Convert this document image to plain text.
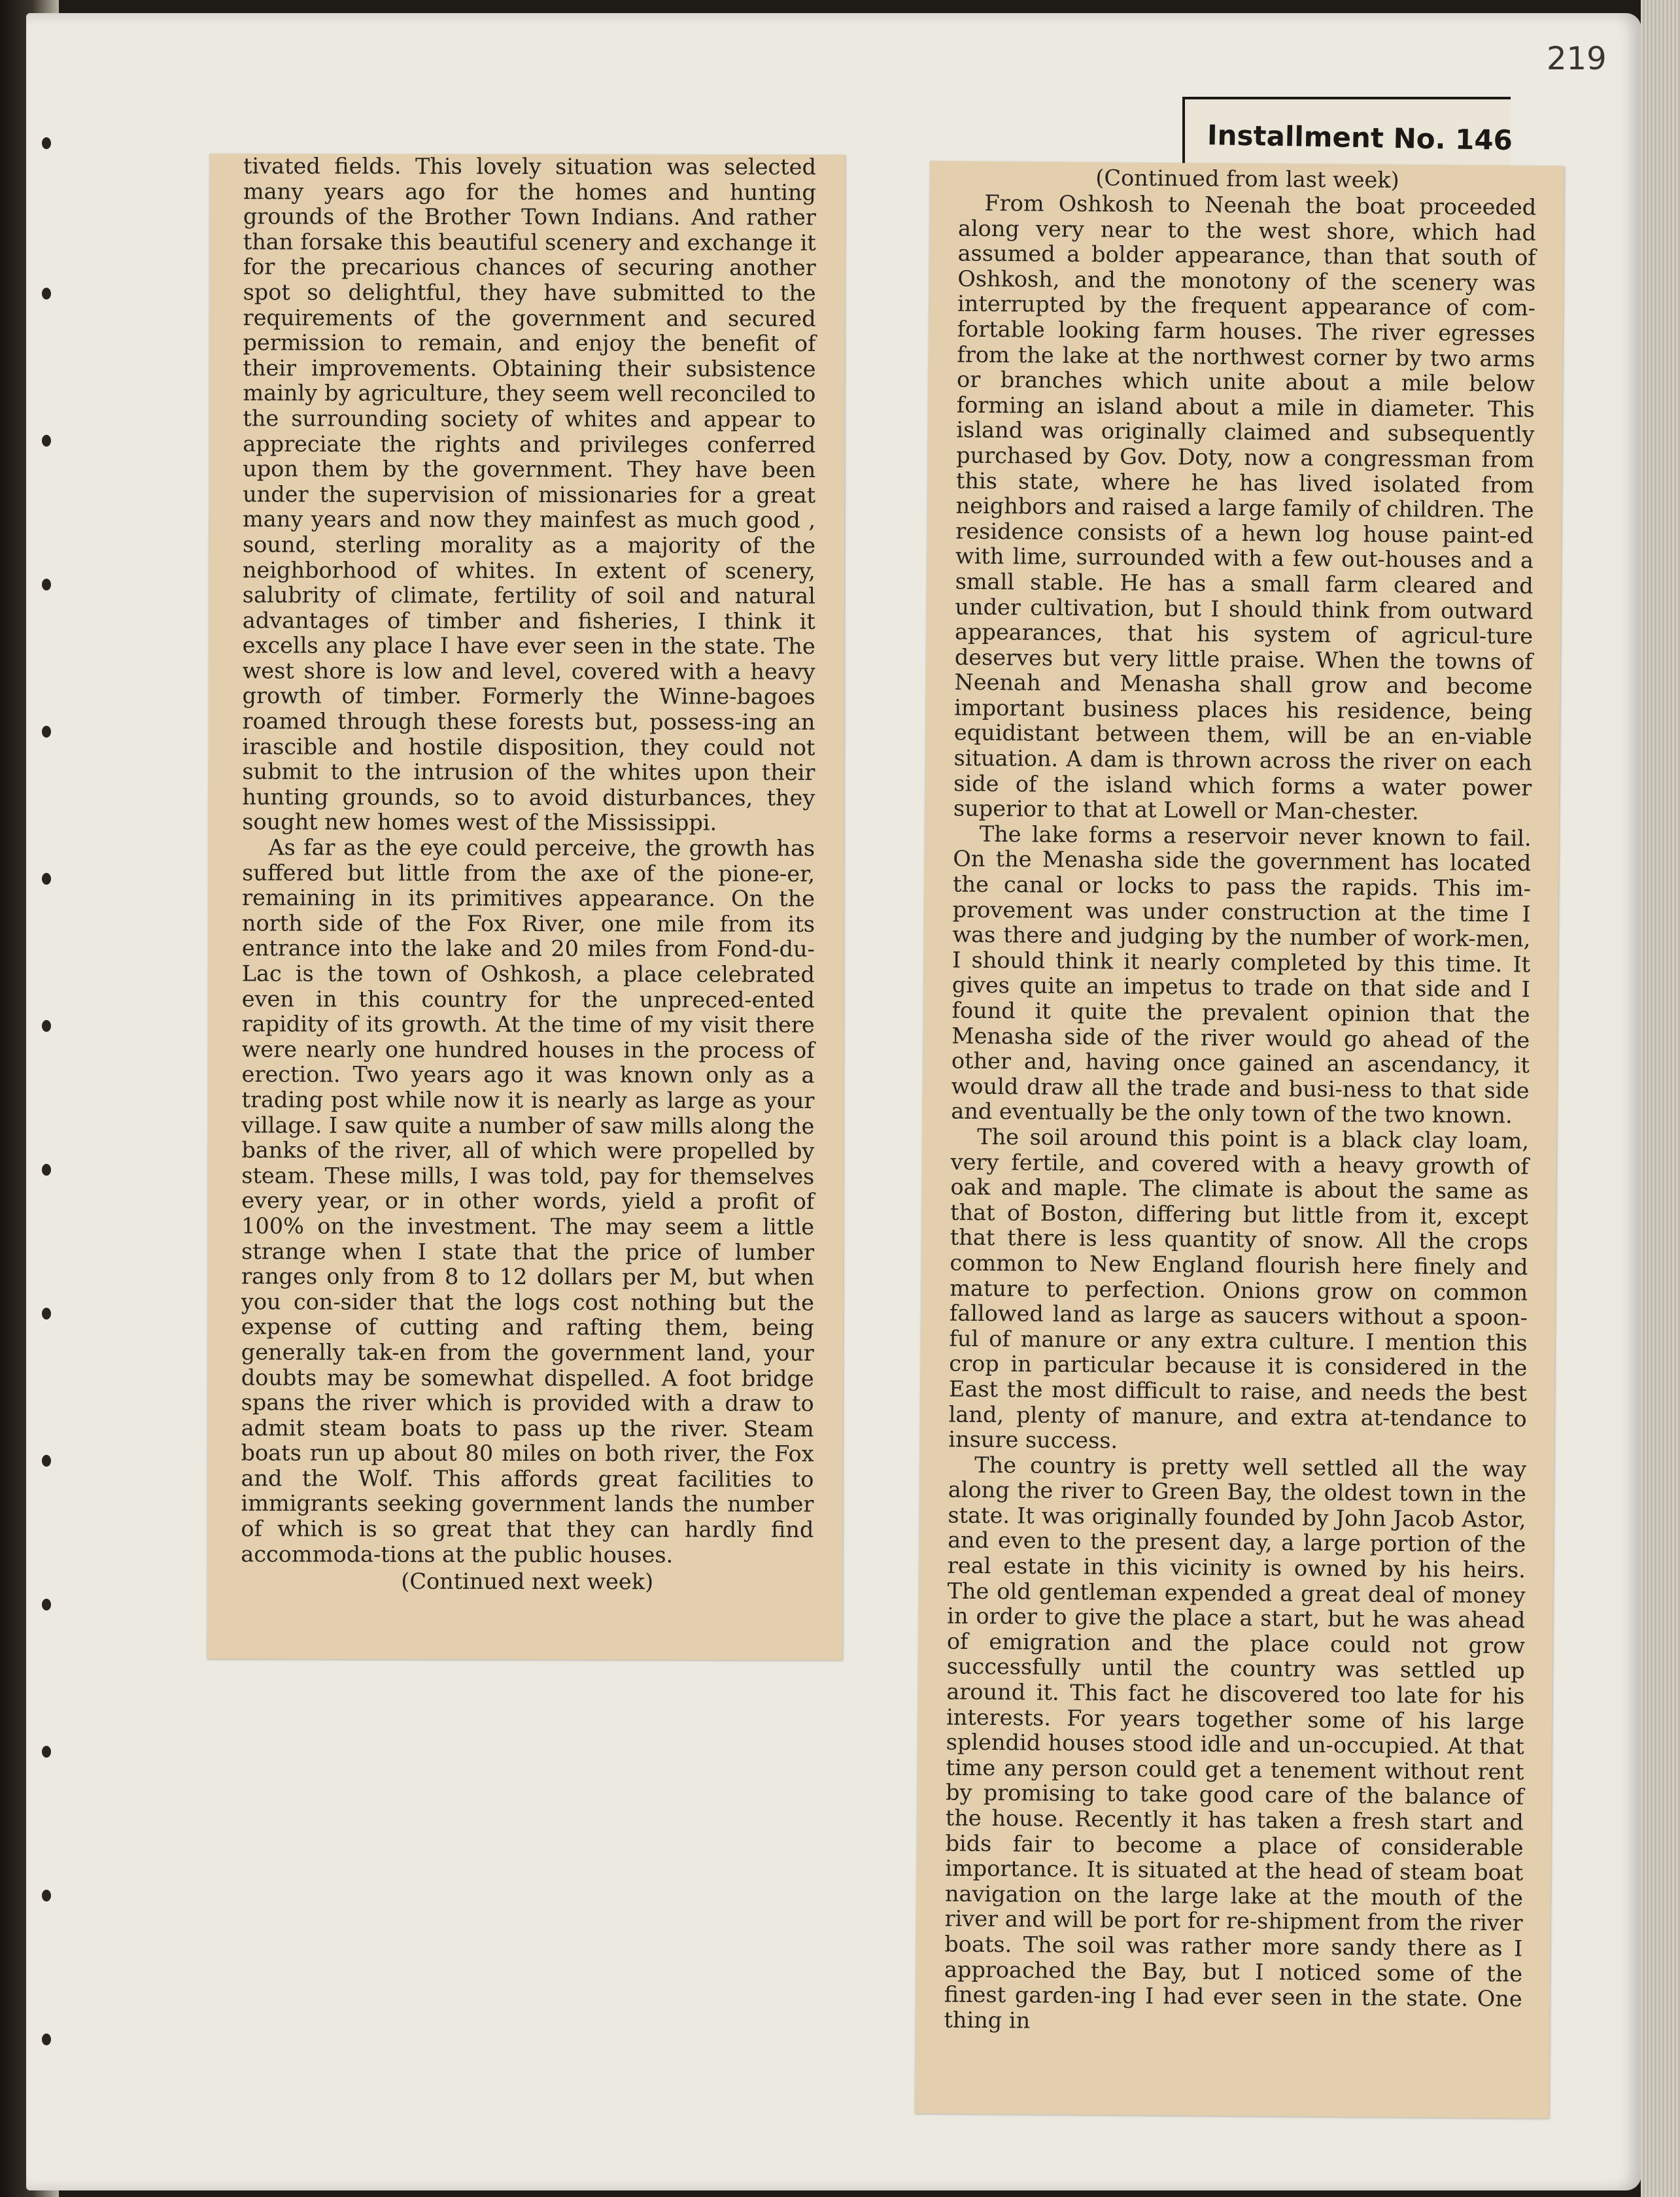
219

tivated fields. This lovely situation was selected many years ago for the homes and hunting grounds of the Brother Town Indians. And rather than forsake this beautiful scenery and exchange it for the precarious chances of securing another spot so delightful, they have submitted to the requirements of the government and secured permission to remain, and enjoy the benefit of their improvements. Obtaining their subsistence mainly by agriculture, they seem well reconciled to the surrounding society of whites and appear to appreciate the rights and privileges conferred upon them by the government. They have been under the supervision of missionaries for a great many years and now they mainfest as much good , sound, sterling morality as a majority of the neighborhood of whites. In extent of scenery, salubrity of climate, fertility of soil and natural advantages of timber and fisheries, I think it excells any place I have ever seen in the state. The west shore is low and level, covered with a heavy growth of timber. Formerly the Winne-bagoes roamed through these forests but, possess-ing an irascible and hostile disposition, they could not submit to the intrusion of the whites upon their hunting grounds, so to avoid disturbances, they sought new homes west of the Mississippi.

As far as the eye could perceive, the growth has suffered but little from the axe of the pione-er, remaining in its primitives appearance. On the north side of the Fox River, one mile from its entrance into the lake and 20 miles from Fond-du-Lac is the town of Oshkosh, a place celebrated even in this country for the unpreced-ented rapidity of its growth. At the time of my visit there were nearly one hundred houses in the process of erection. Two years ago it was known only as a trading post while now it is nearly as large as your village. I saw quite a number of saw mills along the banks of the river, all of which were propelled by steam. These mills, I was told, pay for themselves every year, or in other words, yield a profit of 100% on the investment. The may seem a little strange when I state that the price of lumber ranges only from 8 to 12 dollars per M, but when you con-sider that the logs cost nothing but the expense of cutting and rafting them, being generally tak-en from the government land, your doubts may be somewhat dispelled. A foot bridge spans the river which is provided with a draw to admit steam boats to pass up the river. Steam boats run up about 80 miles on both river, the Fox and the Wolf. This affords great facilities to immigrants seeking government lands the number of which is so great that they can hardly find accommoda-tions at the public houses.

(Continued next week)
Installment No. 146
(Continued from last week)

From Oshkosh to Neenah the boat proceeded along very near to the west shore, which had assumed a bolder appearance, than that south of Oshkosh, and the monotony of the scenery was interrupted by the frequent appearance of com-fortable looking farm houses. The river egresses from the lake at the northwest corner by two arms or branches which unite about a mile below forming an island about a mile in diameter. This island was originally claimed and subsequently purchased by Gov. Doty, now a congressman from this state, where he has lived isolated from neighbors and raised a large family of children. The residence consists of a hewn log house paint-ed with lime, surrounded with a few out-houses and a small stable. He has a small farm cleared and under cultivation, but I should think from outward appearances, that his system of agricul-ture deserves but very little praise. When the towns of Neenah and Menasha shall grow and become important business places his residence, being equidistant between them, will be an en-viable situation. A dam is thrown across the river on each side of the island which forms a water power superior to that at Lowell or Man-chester.

The lake forms a reservoir never known to fail. On the Menasha side the government has located the canal or locks to pass the rapids. This im-provement was under construction at the time I was there and judging by the number of work-men, I should think it nearly completed by this time. It gives quite an impetus to trade on that side and I found it quite the prevalent opinion that the Menasha side of the river would go ahead of the other and, having once gained an ascendancy, it would draw all the trade and busi-ness to that side and eventually be the only town of the two known.

The soil around this point is a black clay loam, very fertile, and covered with a heavy growth of oak and maple. The climate is about the same as that of Boston, differing but little from it, except that there is less quantity of snow. All the crops common to New England flourish here finely and mature to perfection. Onions grow on common fallowed land as large as saucers without a spoon-ful of manure or any extra culture. I mention this crop in particular because it is considered in the East the most difficult to raise, and needs the best land, plenty of manure, and extra at-tendance to insure success.

The country is pretty well settled all the way along the river to Green Bay, the oldest town in the state. It was originally founded by John Jacob Astor, and even to the present day, a large portion of the real estate in this vicinity is owned by his heirs. The old gentleman expended a great deal of money in order to give the place a start, but he was ahead of emigration and the place could not grow successfully until the country was settled up around it. This fact he discovered too late for his interests. For years together some of his large splendid houses stood idle and un-occupied. At that time any person could get a tenement without rent by promising to take good care of the balance of the house. Recently it has taken a fresh start and bids fair to become a place of considerable importance. It is situated at the head of steam boat navigation on the large lake at the mouth of the river and will be port for re-shipment from the river boats. The soil was rather more sandy there as I approached the Bay, but I noticed some of the finest garden-ing I had ever seen in the state. One thing in
